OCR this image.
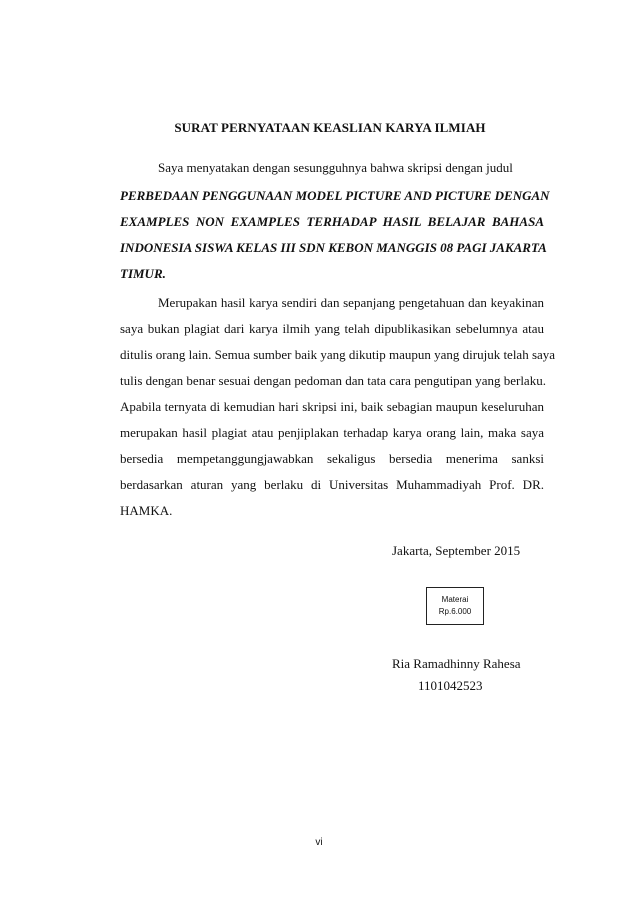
SURAT PERNYATAAN KEASLIAN KARYA ILMIAH
Saya menyatakan dengan sesungguhnya bahwa skripsi dengan judul
PERBEDAAN PENGGUNAAN MODEL PICTURE AND PICTURE DENGAN
EXAMPLES NON EXAMPLES TERHADAP HASIL BELAJAR BAHASA
INDONESIA SISWA KELAS III SDN KEBON MANGGIS 08 PAGI JAKARTA
TIMUR.
Merupakan hasil karya sendiri dan sepanjang pengetahuan dan keyakinan
saya bukan plagiat dari karya ilmih yang telah dipublikasikan sebelumnya atau
ditulis orang lain. Semua sumber baik yang dikutip maupun yang dirujuk telah saya
tulis dengan benar sesuai dengan pedoman dan tata cara pengutipan yang berlaku.
Apabila ternyata di kemudian hari skripsi ini, baik sebagian maupun keseluruhan
merupakan hasil plagiat atau penjiplakan terhadap karya orang lain, maka saya
bersedia mempetanggungjawabkan sekaligus bersedia menerima sanksi
berdasarkan aturan yang berlaku di Universitas Muhammadiyah Prof. DR.
HAMKA.
Jakarta, September 2015
Materai
Rp.6.000
Ria Ramadhinny Rahesa
1101042523
vi
